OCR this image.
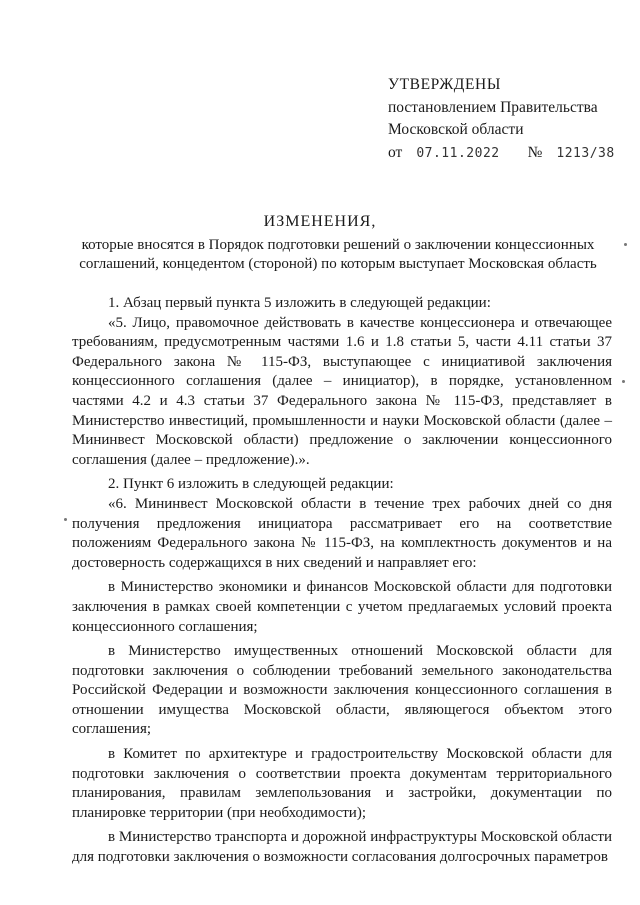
УТВЕРЖДЕНЫ
постановлением Правительства
Московской области
от 07.11.2022 № 1213/38
ИЗМЕНЕНИЯ,
которые вносятся в Порядок подготовки решений о заключении концессионных соглашений, концедентом (стороной) по которым выступает Московская область

1. Абзац первый пункта 5 изложить в следующей редакции:

«5. Лицо, правомочное действовать в качестве концессионера и отвечающее требованиям, предусмотренным частями 1.6 и 1.8 статьи 5, части 4.11 статьи 37 Федерального закона № 115-ФЗ, выступающее с инициативой заключения концессионного соглашения (далее – инициатор), в порядке, установленном частями 4.2 и 4.3 статьи 37 Федерального закона № 115-ФЗ, представляет в Министерство инвестиций, промышленности и науки Московской области (далее – Мининвест Московской области) предложение о заключении концессионного соглашения (далее – предложение).».

2. Пункт 6 изложить в следующей редакции:

«6. Мининвест Московской области в течение трех рабочих дней со дня получения предложения инициатора рассматривает его на соответствие положениям Федерального закона № 115-ФЗ, на комплектность документов и на достоверность содержащихся в них сведений и направляет его:

в Министерство экономики и финансов Московской области для подготовки заключения в рамках своей компетенции с учетом предлагаемых условий проекта концессионного соглашения;

в Министерство имущественных отношений Московской области для подготовки заключения о соблюдении требований земельного законодательства Российской Федерации и возможности заключения концессионного соглашения в отношении имущества Московской области, являющегося объектом этого соглашения;

в Комитет по архитектуре и градостроительству Московской области для подготовки заключения о соответствии проекта документам территориального планирования, правилам землепользования и застройки, документации по планировке территории (при необходимости);

в Министерство транспорта и дорожной инфраструктуры Московской области для подготовки заключения о возможности согласования долгосрочных параметров
